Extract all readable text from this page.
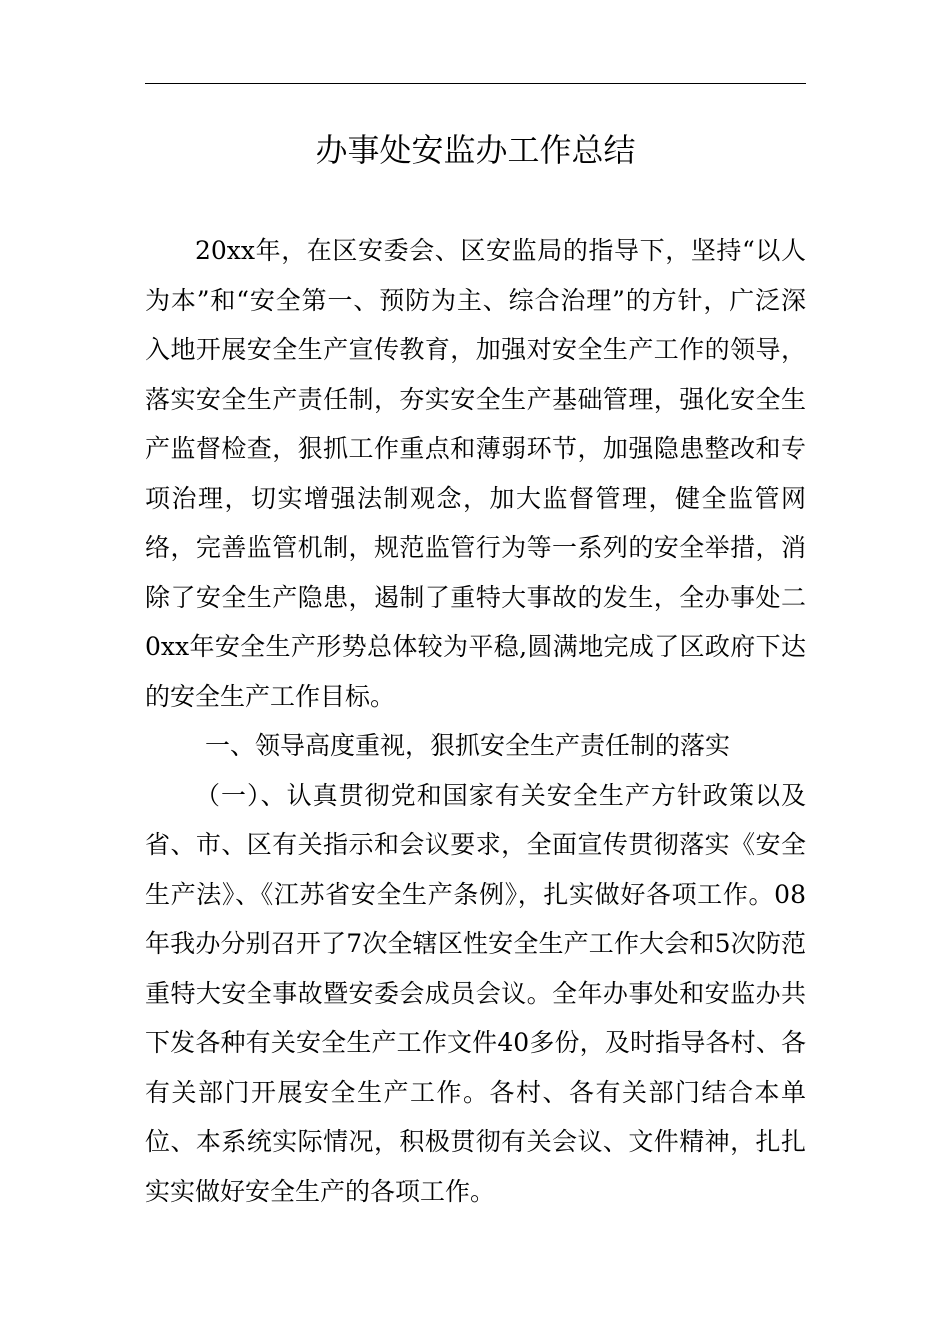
办事处安监办工作总结

20xx年，在区安委会、区安监局的指导下，坚持“以人为本”和“安全第一、预防为主、综合治理”的方针，广泛深入地开展安全生产宣传教育，加强对安全生产工作的领导，落实安全生产责任制，夯实安全生产基础管理，强化安全生产监督检查，狠抓工作重点和薄弱环节，加强隐患整改和专项治理，切实增强法制观念，加大监督管理，健全监管网络，完善监管机制，规范监管行为等一系列的安全举措，消除了安全生产隐患，遏制了重特大事故的发生，全办事处二0xx年安全生产形势总体较为平稳,圆满地完成了区政府下达的安全生产工作目标。

一、领导高度重视，狠抓安全生产责任制的落实

（一）、认真贯彻党和国家有关安全生产方针政策以及省、市、区有关指示和会议要求，全面宣传贯彻落实《安全生产法》、《江苏省安全生产条例》，扎实做好各项工作。08年我办分别召开了7次全辖区性安全生产工作大会和5次防范重特大安全事故暨安委会成员会议。全年办事处和安监办共下发各种有关安全生产工作文件40多份，及时指导各村、各有关部门开展安全生产工作。各村、各有关部门结合本单位、本系统实际情况，积极贯彻有关会议、文件精神，扎扎实实做好安全生产的各项工作。
